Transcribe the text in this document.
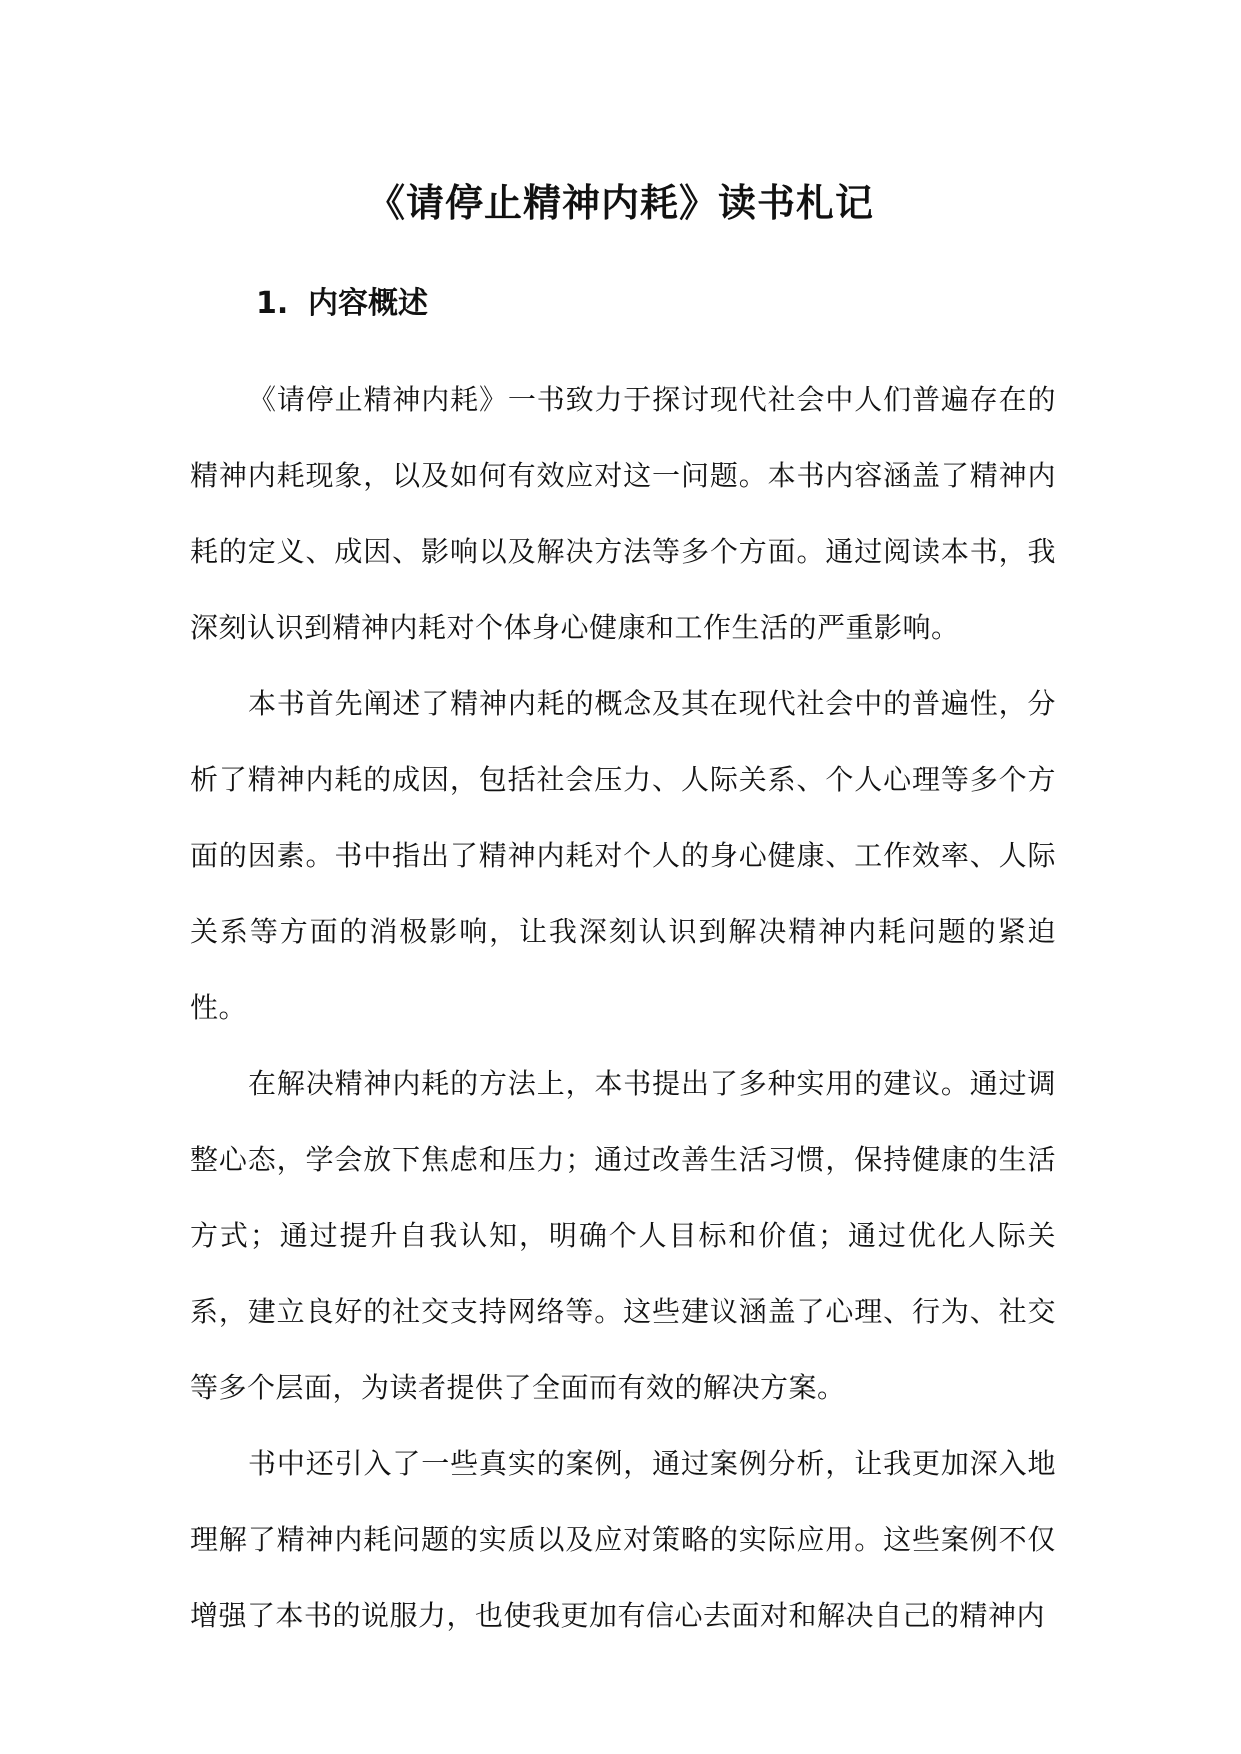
《请停止精神内耗》读书札记
1. 内容概述

《请停止精神内耗》一书致力于探讨现代社会中人们普遍存在的精神内耗现象，以及如何有效应对这一问题。本书内容涵盖了精神内耗的定义、成因、影响以及解决方法等多个方面。通过阅读本书，我深刻认识到精神内耗对个体身心健康和工作生活的严重影响。

本书首先阐述了精神内耗的概念及其在现代社会中的普遍性，分析了精神内耗的成因，包括社会压力、人际关系、个人心理等多个方面的因素。书中指出了精神内耗对个人的身心健康、工作效率、人际关系等方面的消极影响，让我深刻认识到解决精神内耗问题的紧迫性。

在解决精神内耗的方法上，本书提出了多种实用的建议。通过调整心态，学会放下焦虑和压力；通过改善生活习惯，保持健康的生活方式；通过提升自我认知，明确个人目标和价值；通过优化人际关系，建立良好的社交支持网络等。这些建议涵盖了心理、行为、社交等多个层面，为读者提供了全面而有效的解决方案。

书中还引入了一些真实的案例，通过案例分析，让我更加深入地理解了精神内耗问题的实质以及应对策略的实际应用。这些案例不仅增强了本书的说服力，也使我更加有信心去面对和解决自己的精神内
